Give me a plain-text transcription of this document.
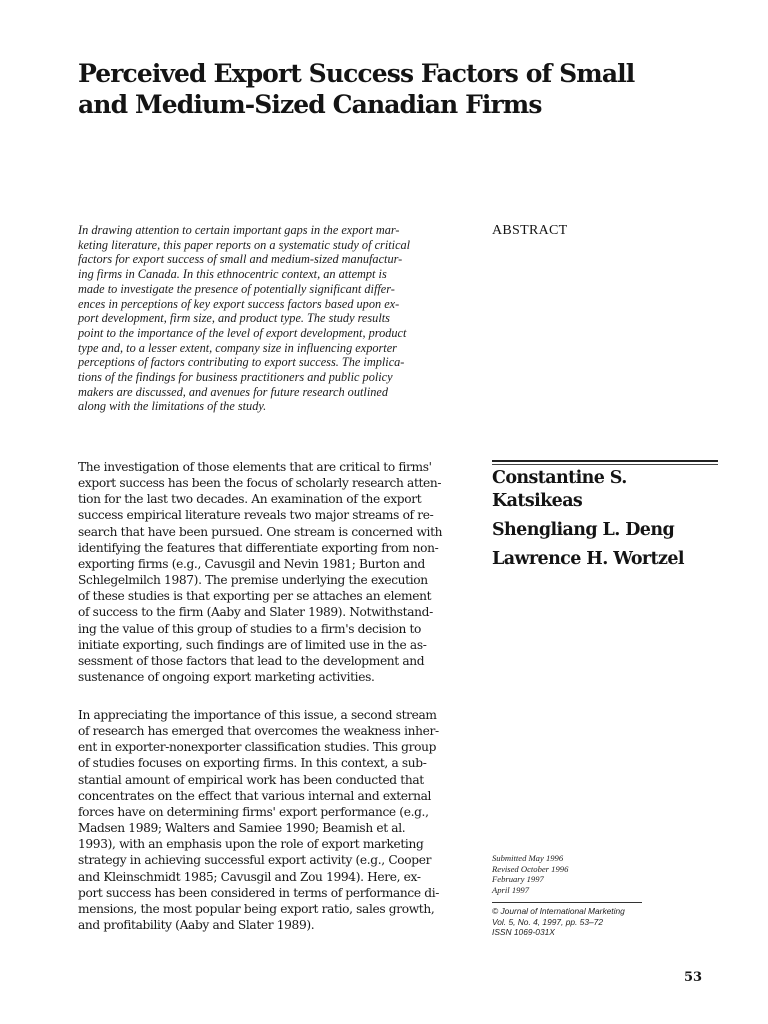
Perceived Export Success Factors of Small
and Medium-Sized Canadian Firms

In drawing attention to certain important gaps in the export mar-
keting literature, this paper reports on a systematic study of critical
factors for export success of small and medium-sized manufactur-
ing firms in Canada. In this ethnocentric context, an attempt is
made to investigate the presence of potentially significant differ-
ences in perceptions of key export success factors based upon ex-
port development, firm size, and product type. The study results
point to the importance of the level of export development, product
type and, to a lesser extent, company size in influencing exporter
perceptions of factors contributing to export success. The implica-
tions of the findings for business practitioners and public policy
makers are discussed, and avenues for future research outlined
along with the limitations of the study.

ABSTRACT

Constantine S.
Katsikeas
Shengliang L. Deng
Lawrence H. Wortzel

The investigation of those elements that are critical to firms'
export success has been the focus of scholarly research atten-
tion for the last two decades. An examination of the export
success empirical literature reveals two major streams of re-
search that have been pursued. One stream is concerned with
identifying the features that differentiate exporting from non-
exporting firms (e.g., Cavusgil and Nevin 1981; Burton and
Schlegelmilch 1987). The premise underlying the execution
of these studies is that exporting per se attaches an element
of success to the firm (Aaby and Slater 1989). Notwithstand-
ing the value of this group of studies to a firm's decision to
initiate exporting, such findings are of limited use in the as-
sessment of those factors that lead to the development and
sustenance of ongoing export marketing activities.

In appreciating the importance of this issue, a second stream
of research has emerged that overcomes the weakness inher-
ent in exporter-nonexporter classification studies. This group
of studies focuses on exporting firms. In this context, a sub-
stantial amount of empirical work has been conducted that
concentrates on the effect that various internal and external
forces have on determining firms' export performance (e.g.,
Madsen 1989; Walters and Samiee 1990; Beamish et al.
1993), with an emphasis upon the role of export marketing
strategy in achieving successful export activity (e.g., Cooper
and Kleinschmidt 1985; Cavusgil and Zou 1994). Here, ex-
port success has been considered in terms of performance di-
mensions, the most popular being export ratio, sales growth,
and profitability (Aaby and Slater 1989).

Submitted May 1996
Revised October 1996
February 1997
April 1997

© Journal of International Marketing
Vol. 5, No. 4, 1997, pp. 53–72
ISSN 1069-031X

53
